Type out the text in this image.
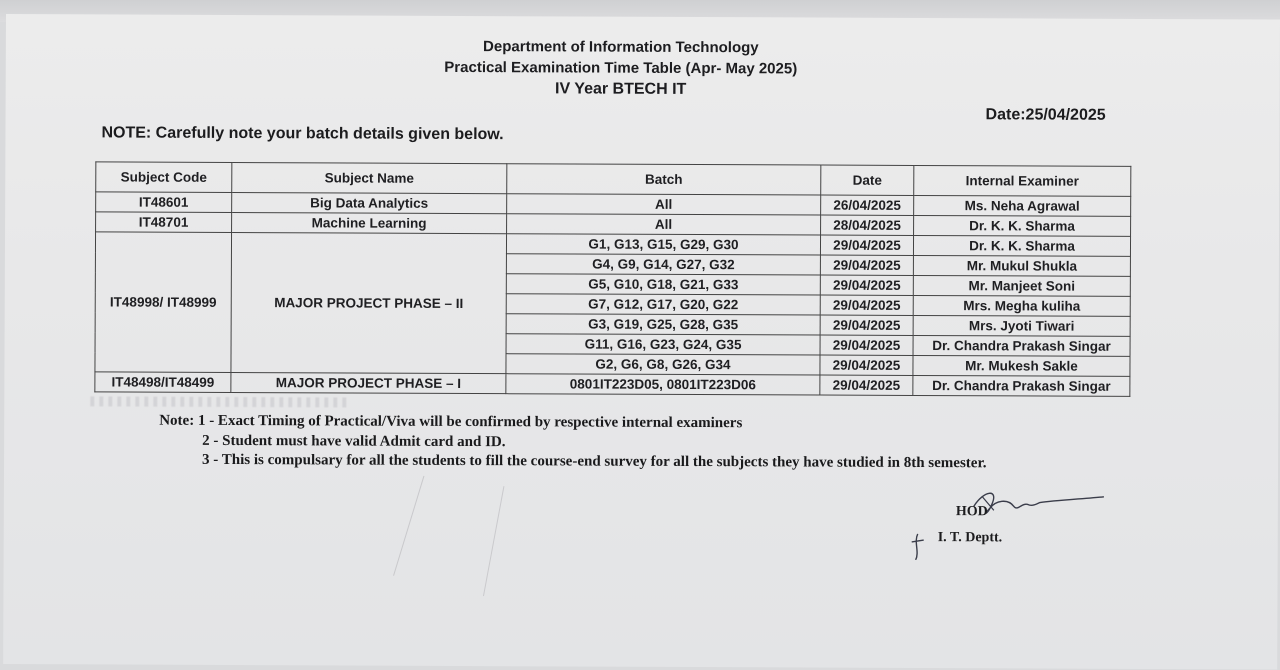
Department of Information Technology
Practical Examination Time Table (Apr- May 2025)
IV Year BTECH IT
Date:25/04/2025
NOTE: Carefully note your batch details given below.
Subject Code	Subject Name	Batch	Date	Internal Examiner
IT48601	Big Data Analytics	All	26/04/2025	Ms. Neha Agrawal
IT48701	Machine Learning	All	28/04/2025	Dr. K. K. Sharma
IT48998/ IT48999	MAJOR PROJECT PHASE – II	G1, G13, G15, G29, G30	29/04/2025	Dr. K. K. Sharma
		G4, G9, G14, G27, G32	29/04/2025	Mr. Mukul Shukla
		G5, G10, G18, G21, G33	29/04/2025	Mr. Manjeet Soni
		G7, G12, G17, G20, G22	29/04/2025	Mrs. Megha kuliha
		G3, G19, G25, G28, G35	29/04/2025	Mrs. Jyoti Tiwari
		G11, G16, G23, G24, G35	29/04/2025	Dr. Chandra Prakash Singar
		G2, G6, G8, G26, G34	29/04/2025	Mr. Mukesh Sakle
IT48498/IT48499	MAJOR PROJECT PHASE – I	0801IT223D05, 0801IT223D06	29/04/2025	Dr. Chandra Prakash Singar
Note: 1 - Exact Timing of Practical/Viva will be confirmed by respective internal examiners
2 - Student must have valid Admit card and ID.
3 - This is compulsary for all the students to fill the course-end survey for all the subjects they have studied in 8th semester.
HOD
I. T. Deptt.
